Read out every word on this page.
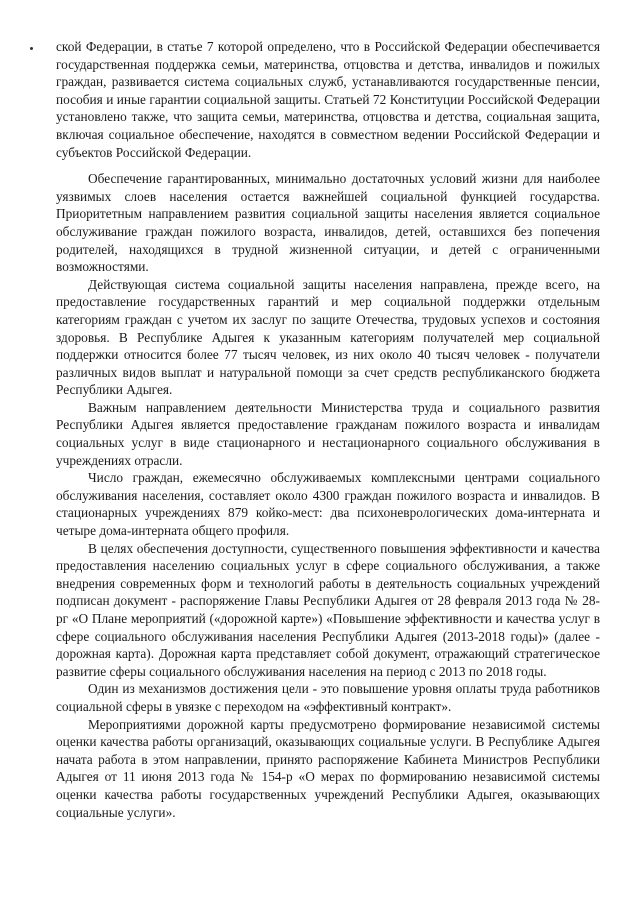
ской Федерации, в статье 7 которой определено, что в Российской Федерации обеспечивается государственная поддержка семьи, материнства, отцовства и детства, инвалидов и пожилых граждан, развивается система социальных служб, устанавливаются государственные пенсии, пособия и иные гарантии социальной защиты. Статьей 72 Конституции Российской Федерации установлено также, что защита семьи, материнства, отцовства и детства, социальная защита, включая социальное обеспечение, находятся в совместном ведении Российской Федерации и субъектов Российской Федерации.

Обеспечение гарантированных, минимально достаточных условий жизни для наиболее уязвимых слоев населения остается важнейшей социальной функцией государства. Приоритетным направлением развития социальной защиты населения является социальное обслуживание граждан пожилого возраста, инвалидов, детей, оставшихся без попечения родителей, находящихся в трудной жизненной ситуации, и детей с ограниченными возможностями.

Действующая система социальной защиты населения направлена, прежде всего, на предоставление государственных гарантий и мер социальной поддержки отдельным категориям граждан с учетом их заслуг по защите Отечества, трудовых успехов и состояния здоровья. В Республике Адыгея к указанным категориям получателей мер социальной поддержки относится более 77 тысяч человек, из них около 40 тысяч человек - получатели различных видов выплат и натуральной помощи за счет средств республиканского бюджета Республики Адыгея.

Важным направлением деятельности Министерства труда и социального развития Республики Адыгея является предоставление гражданам пожилого возраста и инвалидам социальных услуг в виде стационарного и нестационарного социального обслуживания в учреждениях отрасли.

Число граждан, ежемесячно обслуживаемых комплексными центрами социального обслуживания населения, составляет около 4300 граждан пожилого возраста и инвалидов. В стационарных учреждениях 879 койко-мест: два психоневрологических дома-интерната и четыре дома-интерната общего профиля.

В целях обеспечения доступности, существенного повышения эффективности и качества предоставления населению социальных услуг в сфере социального обслуживания, а также внедрения современных форм и технологий работы в деятельность социальных учреждений подписан документ - распоряжение Главы Республики Адыгея от 28 февраля 2013 года № 28-рг «О Плане мероприятий («дорожной карте») «Повышение эффективности и качества услуг в сфере социального обслуживания населения Республики Адыгея (2013-2018 годы)» (далее - дорожная карта). Дорожная карта представляет собой документ, отражающий стратегическое развитие сферы социального обслуживания населения на период с 2013 по 2018 годы.

Один из механизмов достижения цели - это повышение уровня оплаты труда работников социальной сферы в увязке с переходом на «эффективный контракт».

Мероприятиями дорожной карты предусмотрено формирование независимой системы оценки качества работы организаций, оказывающих социальные услуги. В Республике Адыгея начата работа в этом направлении, принято распоряжение Кабинета Министров Республики Адыгея от 11 июня 2013 года № 154-р «О мерах по формированию независимой системы оценки качества работы государственных учреждений Республики Адыгея, оказывающих социальные услуги».
